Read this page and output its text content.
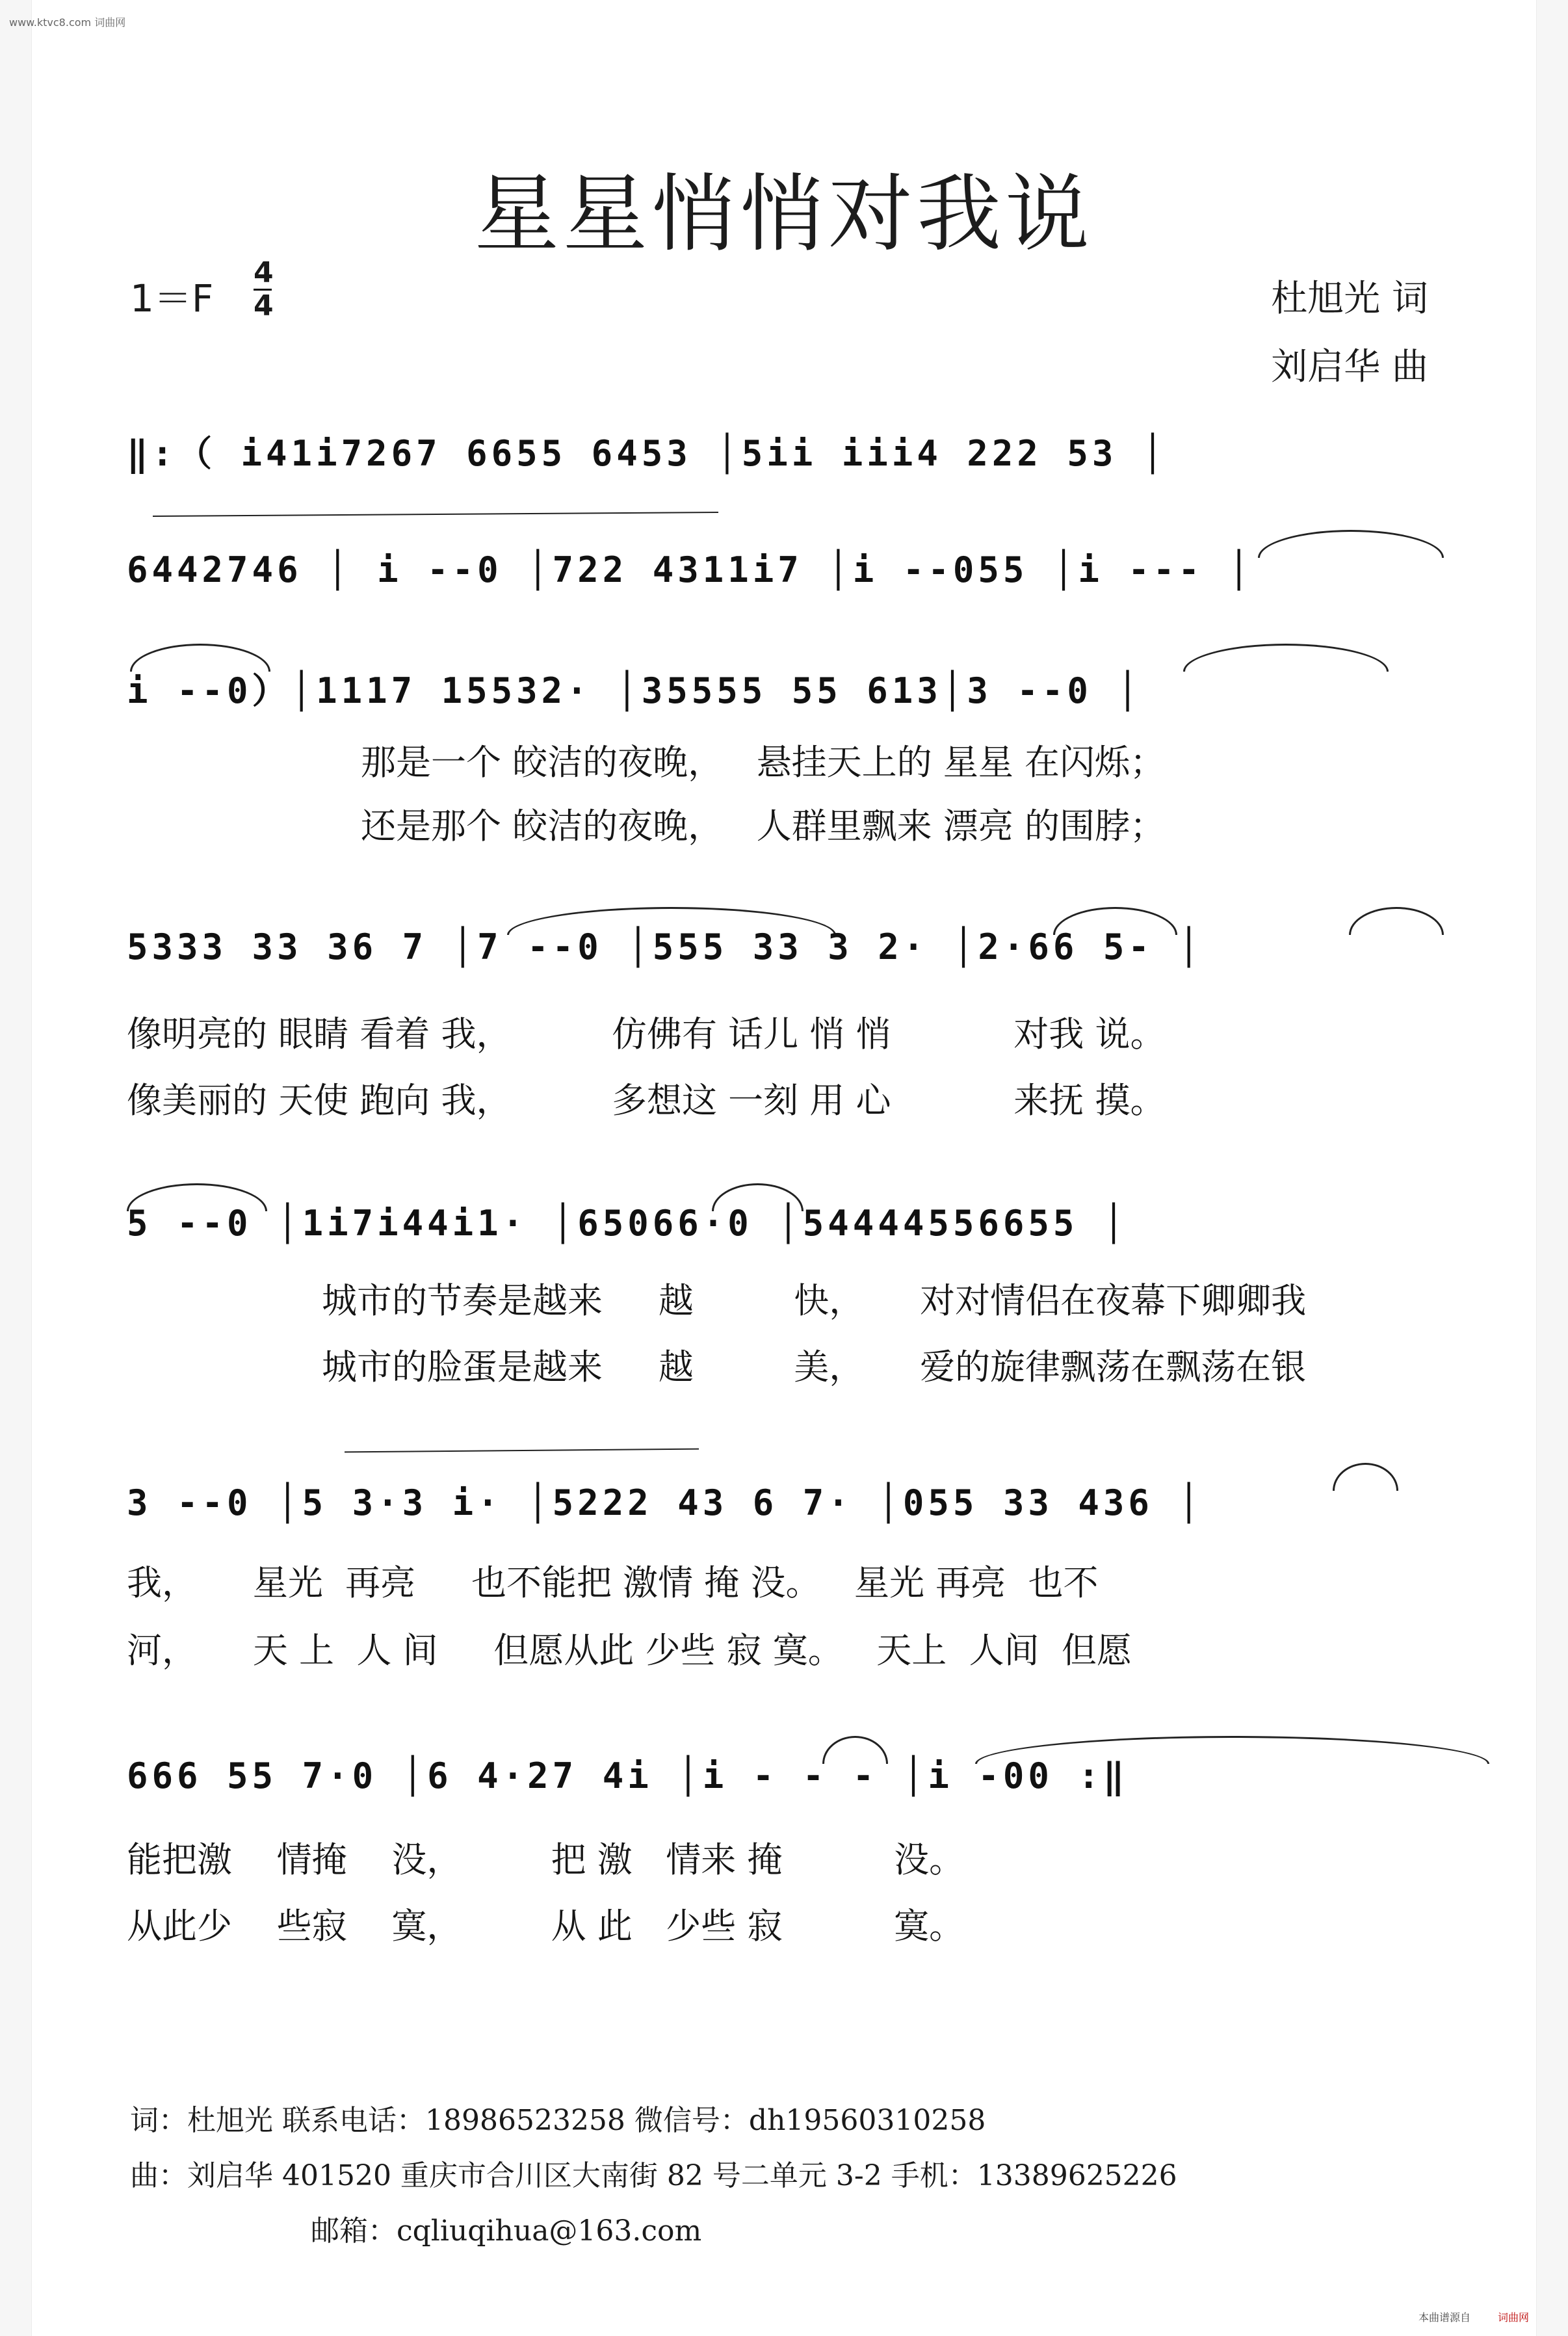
www.ktvc8.com 词曲网
本曲谱源自	词曲网
星星悄悄对我说
1＝F
4
4	杜旭光 词
刘启华 曲
‖:（ i41i7267 6655 6453 │5ii iii4 222 53 │
6442746 │ i --0 │722 4311i7 │i --055 │i --- │
i --0）│1117 15532· │35555 55 613│3 --0 │
那是一个 皎洁的夜晚，   悬挂天上的 星星 在闪烁；
还是那个 皎洁的夜晚，   人群里飘来 漂亮 的围脖；
5333 33 36 7 │7 --0 │555 33 3 2· │2·66 5- │
像明亮的 眼睛 看着 我，         仿佛有 话儿 悄 悄           对我 说。
像美丽的 天使 跑向 我，         多想这 一刻 用 心           来抚 摸。
5 --0 │1i7i44i1· │65066·0 │54444556655 │
城市的节奏是越来     越         快，     对对情侣在夜幕下卿卿我
城市的脸蛋是越来     越         美，     爱的旋律飘荡在飘荡在银
3 --0 │5 3·3 i· │5222 43 6 7· │055 33 436 │
我，     星光  再亮     也不能把 激情 掩 没。   星光 再亮  也不
河，     天 上  人 间     但愿从此 少些 寂 寞。   天上  人间  但愿
666 55 7·0 │6 4·27 4i │i - - - │i -00 :‖
能把激    情掩    没，        把 激   情来 掩          没。
从此少    些寂    寞，        从 此   少些 寂          寞。
词：杜旭光 联系电话：18986523258 微信号：dh19560310258
曲：刘启华 401520 重庆市合川区大南街 82 号二单元 3-2 手机：13389625226
邮箱：cqliuqihua@163.com
